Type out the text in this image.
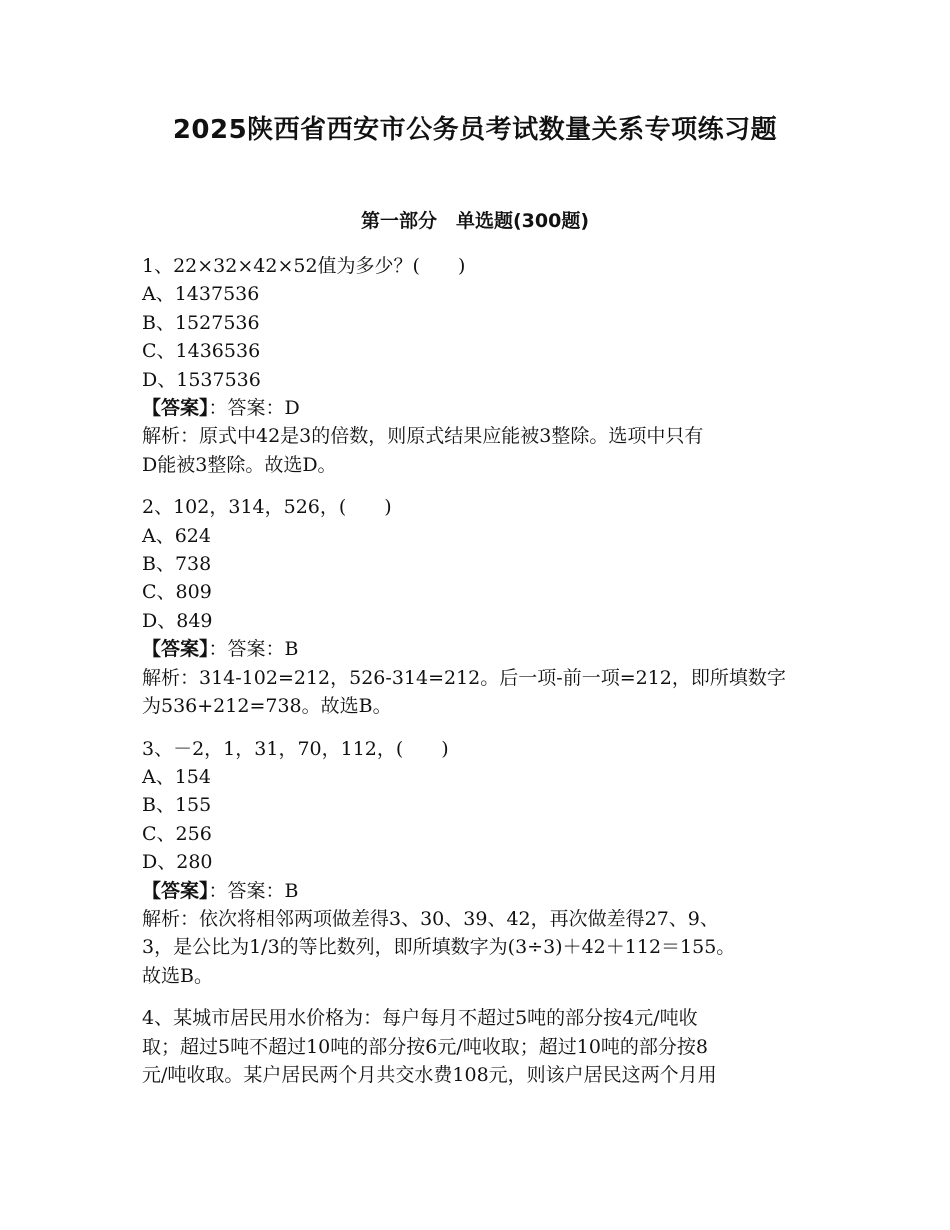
2025陕西省西安市公务员考试数量关系专项练习题
第一部分　单选题(300题)
1、22×32×42×52值为多少？(　　)
A、1437536
B、1527536
C、1436536
D、1537536
【答案】：答案：D
解析：原式中42是3的倍数，则原式结果应能被3整除。选项中只有
D能被3整除。故选D。
2、102，314，526，(　　)
A、624
B、738
C、809
D、849
【答案】：答案：B
解析：314-102=212，526-314=212。后一项-前一项=212，即所填数字
为536+212=738。故选B。
3、－2，1，31，70，112，(　　)
A、154
B、155
C、256
D、280
【答案】：答案：B
解析：依次将相邻两项做差得3、30、39、42，再次做差得27、9、
3，是公比为1/3的等比数列，即所填数字为(3÷3)＋42＋112＝155。
故选B。
4、某城市居民用水价格为：每户每月不超过5吨的部分按4元/吨收
取；超过5吨不超过10吨的部分按6元/吨收取；超过10吨的部分按8
元/吨收取。某户居民两个月共交水费108元，则该户居民这两个月用
